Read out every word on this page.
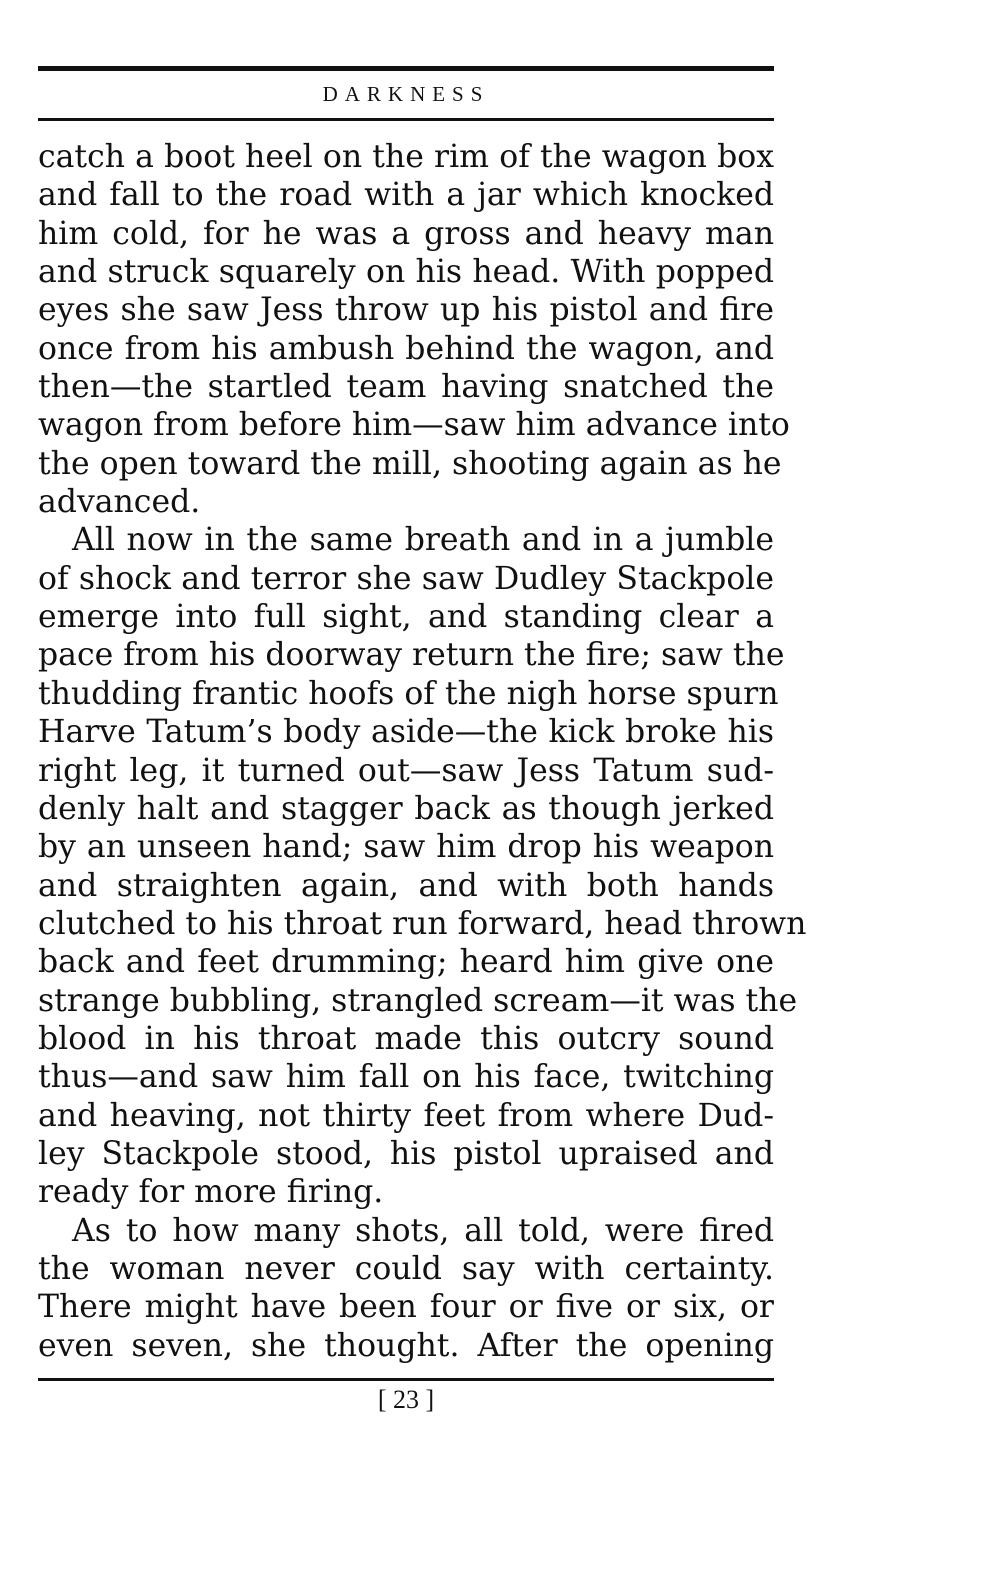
DARKNESS
catch a boot heel on the rim of the wagon box
and fall to the road with a jar which knocked
him cold, for he was a gross and heavy man
and struck squarely on his head. With popped
eyes she saw Jess throw up his pistol and fire
once from his ambush behind the wagon, and
then—the startled team having snatched the
wagon from before him—saw him advance into
the open toward the mill, shooting again as he
advanced.
All now in the same breath and in a jumble
of shock and terror she saw Dudley Stackpole
emerge into full sight, and standing clear a
pace from his doorway return the fire; saw the
thudding frantic hoofs of the nigh horse spurn
Harve Tatum’s body aside—the kick broke his
right leg, it turned out—saw Jess Tatum sud-
denly halt and stagger back as though jerked
by an unseen hand; saw him drop his weapon
and straighten again, and with both hands
clutched to his throat run forward, head thrown
back and feet drumming; heard him give one
strange bubbling, strangled scream—it was the
blood in his throat made this outcry sound
thus—and saw him fall on his face, twitching
and heaving, not thirty feet from where Dud-
ley Stackpole stood, his pistol upraised and
ready for more firing.
As to how many shots, all told, were fired
the woman never could say with certainty.
There might have been four or five or six, or
even seven, she thought. After the opening
[ 23 ]
